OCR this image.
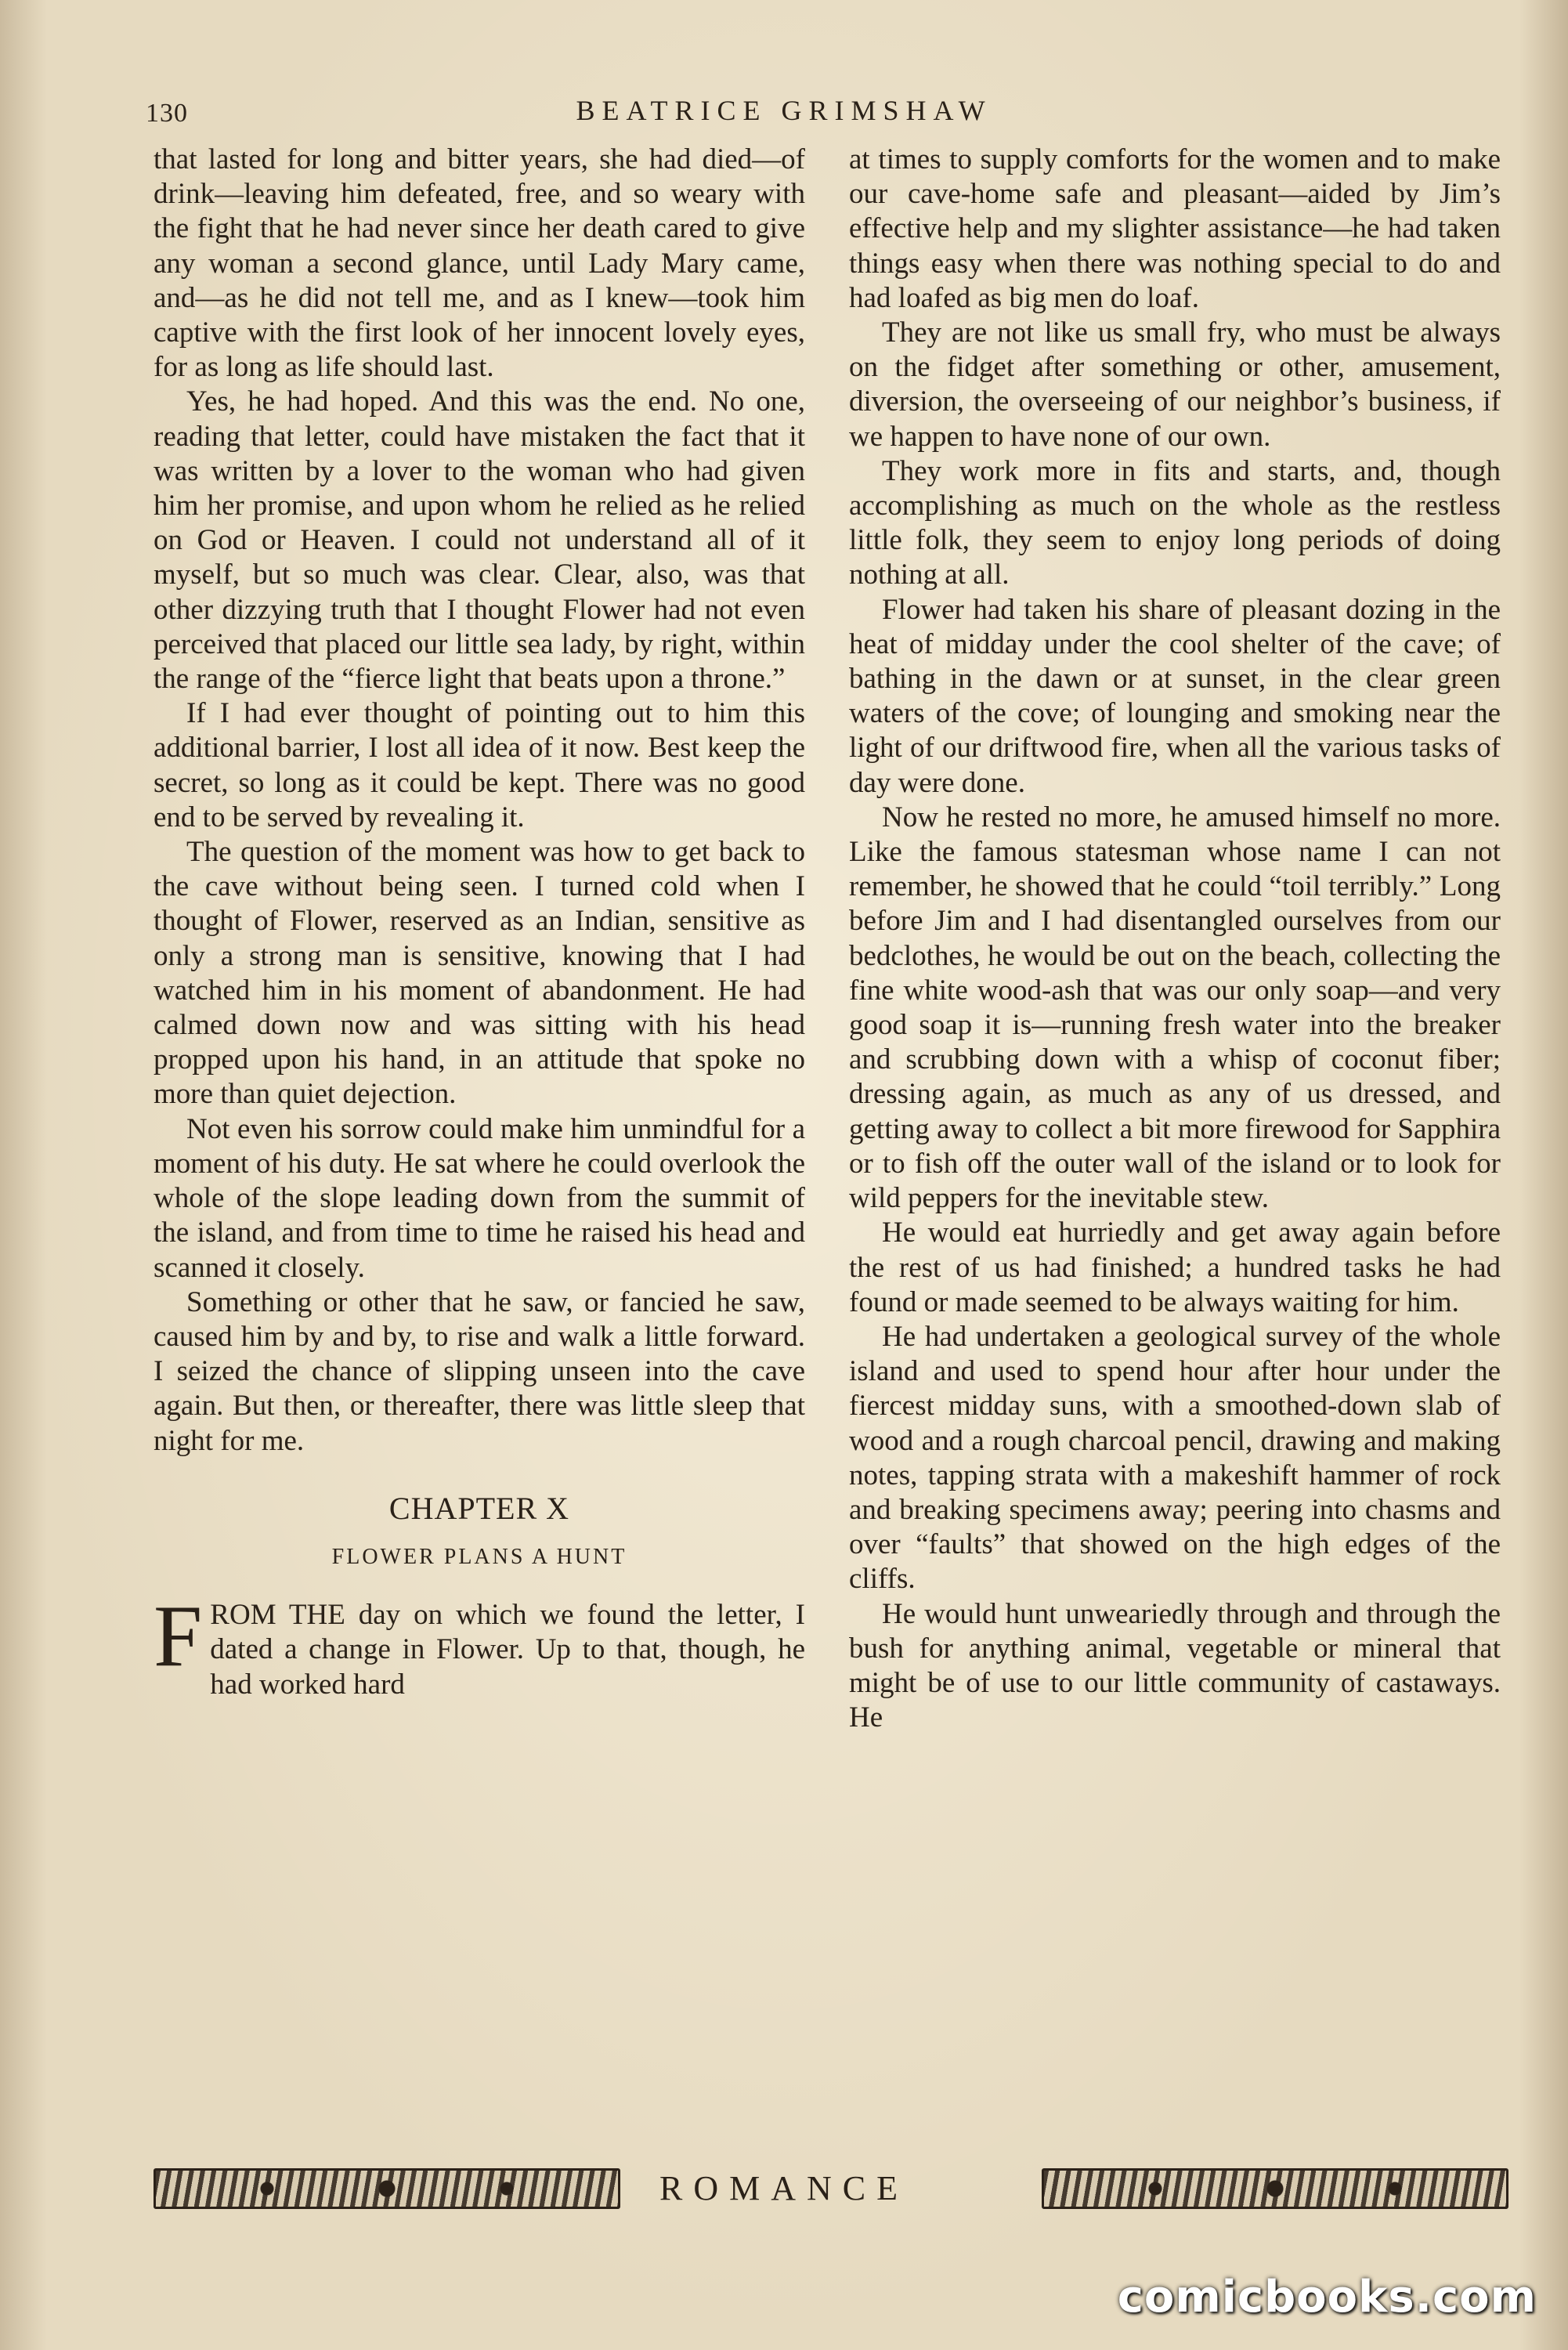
130	BEATRICE GRIMSHAW

that lasted for long and bitter years, she had died—of drink—leaving him defeated, free, and so weary with the fight that he had never since her death cared to give any woman a second glance, until Lady Mary came, and—as he did not tell me, and as I knew—took him captive with the first look of her innocent lovely eyes, for as long as life should last.

Yes, he had hoped. And this was the end. No one, reading that letter, could have mistaken the fact that it was written by a lover to the woman who had given him her promise, and upon whom he relied as he relied on God or Heaven. I could not understand all of it myself, but so much was clear. Clear, also, was that other dizzying truth that I thought Flower had not even perceived that placed our little sea lady, by right, within the range of the “fierce light that beats upon a throne.”

If I had ever thought of pointing out to him this additional barrier, I lost all idea of it now. Best keep the secret, so long as it could be kept. There was no good end to be served by revealing it.

The question of the moment was how to get back to the cave without being seen. I turned cold when I thought of Flower, reserved as an Indian, sensitive as only a strong man is sensitive, knowing that I had watched him in his moment of abandonment. He had calmed down now and was sitting with his head propped upon his hand, in an attitude that spoke no more than quiet dejection.

Not even his sorrow could make him unmindful for a moment of his duty. He sat where he could overlook the whole of the slope leading down from the summit of the island, and from time to time he raised his head and scanned it closely.

Something or other that he saw, or fancied he saw, caused him by and by, to rise and walk a little forward. I seized the chance of slipping unseen into the cave again. But then, or thereafter, there was little sleep that night for me.

CHAPTER X
FLOWER PLANS A HUNT

FROM THE day on which we found the letter, I dated a change in Flower. Up to that, though, he had worked hard

at times to supply comforts for the women and to make our cave-home safe and pleasant—aided by Jim’s effective help and my slighter assistance—he had taken things easy when there was nothing special to do and had loafed as big men do loaf.

They are not like us small fry, who must be always on the fidget after something or other, amusement, diversion, the overseeing of our neighbor’s business, if we happen to have none of our own.

They work more in fits and starts, and, though accomplishing as much on the whole as the restless little folk, they seem to enjoy long periods of doing nothing at all.

Flower had taken his share of pleasant dozing in the heat of midday under the cool shelter of the cave; of bathing in the dawn or at sunset, in the clear green waters of the cove; of lounging and smoking near the light of our driftwood fire, when all the various tasks of day were done.

Now he rested no more, he amused himself no more. Like the famous statesman whose name I can not remember, he showed that he could “toil terribly.” Long before Jim and I had disentangled ourselves from our bedclothes, he would be out on the beach, collecting the fine white wood-ash that was our only soap—and very good soap it is—running fresh water into the breaker and scrubbing down with a whisp of coconut fiber; dressing again, as much as any of us dressed, and getting away to collect a bit more firewood for Sapphira or to fish off the outer wall of the island or to look for wild peppers for the inevitable stew.

He would eat hurriedly and get away again before the rest of us had finished; a hundred tasks he had found or made seemed to be always waiting for him.

He had undertaken a geological survey of the whole island and used to spend hour after hour under the fiercest midday suns, with a smoothed-down slab of wood and a rough charcoal pencil, drawing and making notes, tapping strata with a makeshift hammer of rock and breaking specimens away; peering into chasms and over “faults” that showed on the high edges of the cliffs.

He would hunt unweariedly through and through the bush for anything animal, vegetable or mineral that might be of use to our little community of castaways. He

ROMANCE
comicbooks.com
